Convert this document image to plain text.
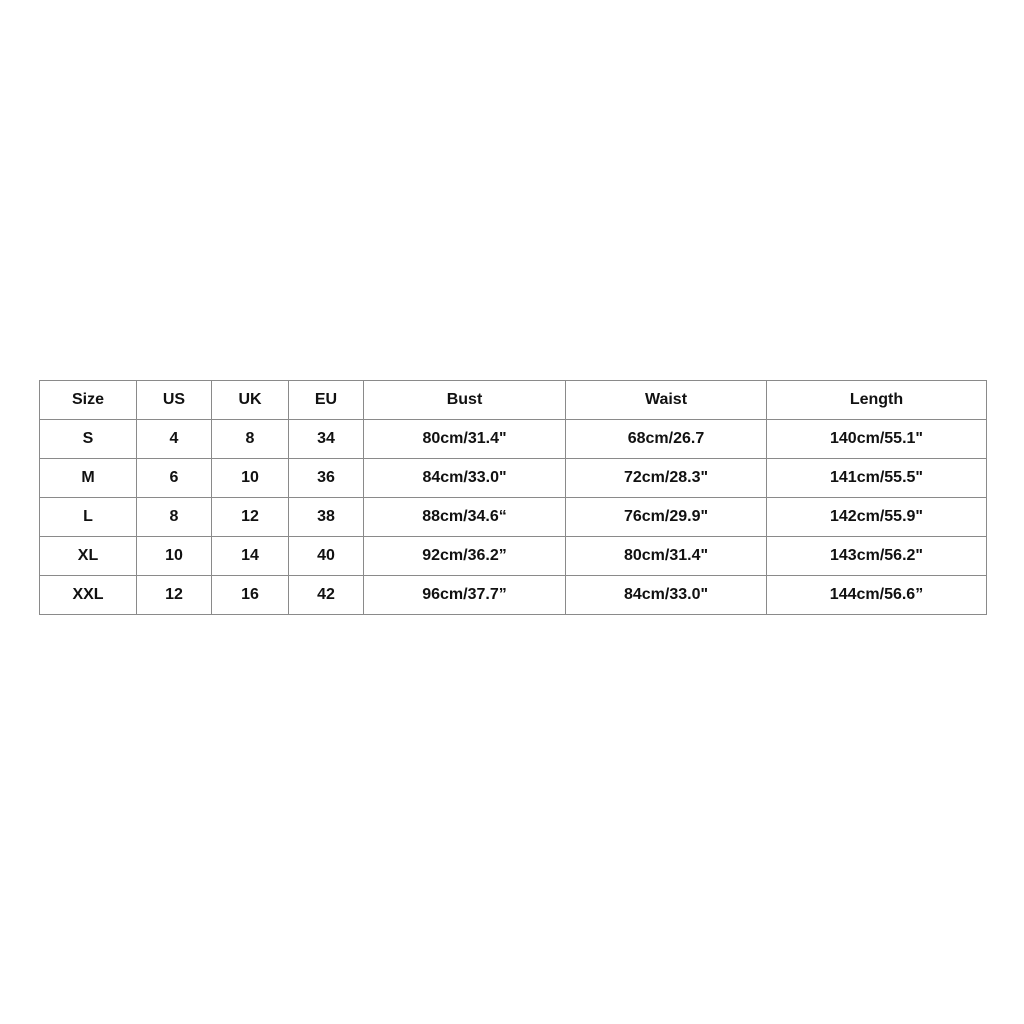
Size	US	UK	EU	Bust	Waist	Length
S	4	8	34	80cm/31.4"	68cm/26.7	140cm/55.1"
M	6	10	36	84cm/33.0"	72cm/28.3"	141cm/55.5"
L	8	12	38	88cm/34.6“	76cm/29.9"	142cm/55.9"
XL	10	14	40	92cm/36.2”	80cm/31.4"	143cm/56.2"
XXL	12	16	42	96cm/37.7”	84cm/33.0"	144cm/56.6”
